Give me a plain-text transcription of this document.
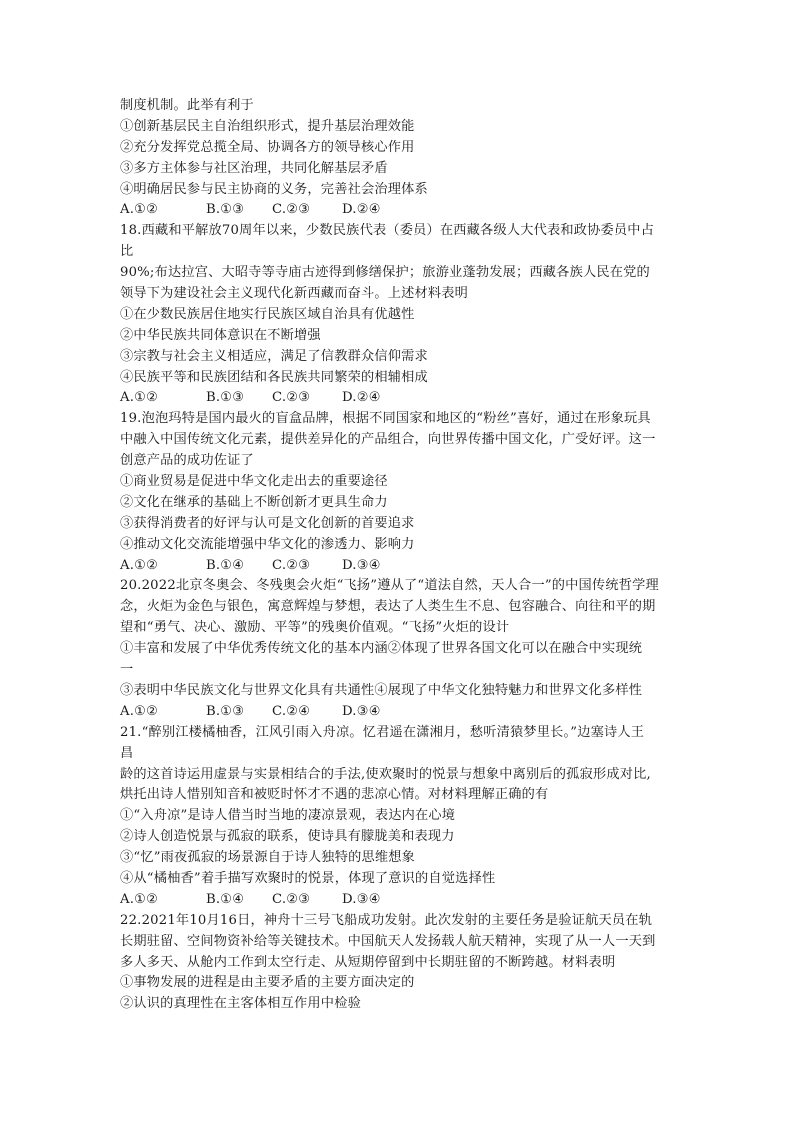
制度机制。此举有利于
①创新基层民主自治组织形式，提升基层治理效能
②充分发挥党总揽全局、协调各方的领导核心作用
③多方主体参与社区治理，共同化解基层矛盾
④明确居民参与民主协商的义务，完善社会治理体系
A.①②	B.①③	C.②③	D.②④
18.西藏和平解放70周年以来，少数民族代表（委员）在西藏各级人大代表和政协委员中占
比
90%;布达拉宫、大昭寺等寺庙古迹得到修缮保护；旅游业蓬勃发展；西藏各族人民在党的
领导下为建设社会主义现代化新西藏而奋斗。上述材料表明
①在少数民族居住地实行民族区域自治具有优越性
②中华民族共同体意识在不断增强
③宗教与社会主义相适应，满足了信教群众信仰需求
④民族平等和民族团结和各民族共同繁荣的相辅相成
A.①②	B.①③	C.②③	D.②④
19.泡泡玛特是国内最火的盲盒品牌，根据不同国家和地区的“粉丝”喜好，通过在形象玩具
中融入中国传统文化元素，提供差异化的产品组合，向世界传播中国文化，广受好评。这一
创意产品的成功佐证了
①商业贸易是促进中华文化走出去的重要途径
②文化在继承的基础上不断创新才更具生命力
③获得消费者的好评与认可是文化创新的首要追求
④推动文化交流能增强中华文化的渗透力、影响力
A.①②	B.①④	C.②③	D.③④
20.2022北京冬奥会、冬残奥会火炬“飞扬”遵从了“道法自然，天人合一”的中国传统哲学理
念，火炬为金色与银色，寓意辉煌与梦想，表达了人类生生不息、包容融合、向往和平的期
望和“勇气、决心、激励、平等”的残奥价值观。“飞扬”火炬的设计
①丰富和发展了中华优秀传统文化的基本内涵②体现了世界各国文化可以在融合中实现统
一
③表明中华民族文化与世界文化具有共通性④展现了中华文化独特魅力和世界文化多样性
A.①②	B.①③	C.②④	D.③④
21.“醉别江楼橘柚香，江风引雨入舟凉。忆君遥在潇湘月，愁听清猿梦里长。”边塞诗人王
昌
龄的这首诗运用虚景与实景相结合的手法,使欢聚时的悦景与想象中离别后的孤寂形成对比,
烘托出诗人惜别知音和被贬时怀才不遇的悲凉心情。对材料理解正确的有
①“入舟凉”是诗人借当时当地的凄凉景观，表达内在心境
②诗人创造悦景与孤寂的联系，使诗具有朦胧美和表现力
③“忆”雨夜孤寂的场景源自于诗人独特的思维想象
④从“橘柚香”着手描写欢聚时的悦景，体现了意识的自觉选择性
A.①②	B.①④	C.②③	D.③④
22.2021年10月16日，神舟十三号飞船成功发射。此次发射的主要任务是验证航天员在轨
长期驻留、空间物资补给等关键技术。中国航天人发扬载人航天精神，实现了从一人一天到
多人多天、从舱内工作到太空行走、从短期停留到中长期驻留的不断跨越。材料表明
①事物发展的进程是由主要矛盾的主要方面决定的
②认识的真理性在主客体相互作用中检验
